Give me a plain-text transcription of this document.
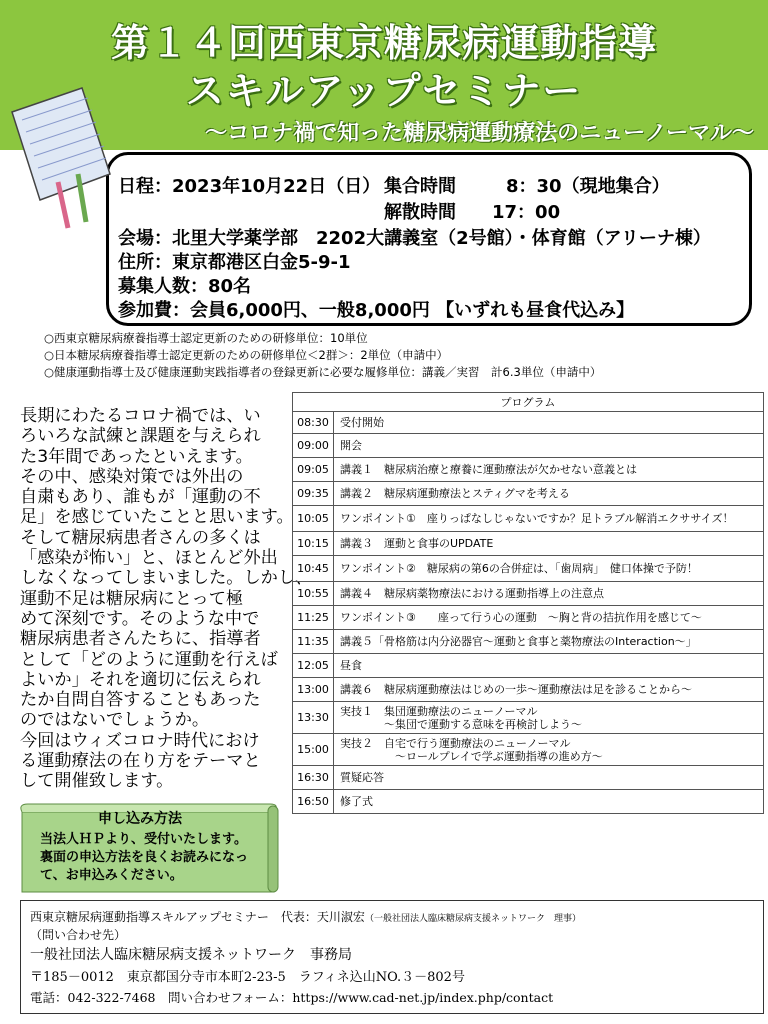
第１４回西東京糖尿病運動指導
スキルアップセミナー
～コロナ禍で知った糖尿病運動療法のニューノーマル～
日程：2023年10月22日（日） 集合時間	8：30（現地集合）
解散時間 17：00
会場：北里大学薬学部　2202大講義室（2号館）・体育館（アリーナ棟）
住所：東京都港区白金5-9-1
募集人数：80名
参加費：会員6,000円、一般8,000円 【いずれも昼食代込み】
○西東京糖尿病療養指導士認定更新のための研修単位：10単位
○日本糖尿病療養指導士認定更新のための研修単位＜2群＞：2単位（申請中）
○健康運動指導士及び健康運動実践指導者の登録更新に必要な履修単位：講義／実習　計6.3単位（申請中）
長期にわたるコロナ禍では、い
ろいろな試練と課題を与えられ
た3年間であったといえます。
その中、感染対策では外出の
自粛もあり、誰もが「運動の不
足」を感じていたことと思います。
そして糖尿病患者さんの多くは
「感染が怖い」と、ほとんど外出
しなくなってしまいました。しかし、
運動不足は糖尿病にとって極
めて深刻です。そのような中で
糖尿病患者さんたちに、指導者
として「どのように運動を行えば
よいか」それを適切に伝えられ
たか自問自答することもあった
のではないでしょうか。
今回はウィズコロナ時代におけ
る運動療法の在り方をテーマと
して開催致します。
プログラム	
08:30	受付開始

09:00	開会

09:05	講義１　糖尿病治療と療養に運動療法が欠かせない意義とは

09:35	講義２　糖尿病運動療法とスティグマを考える

10:05	ワンポイント①　座りっぱなしじゃないですか？足トラブル解消エクササイズ！

10:15	講義３　運動と食事のUPDATE

10:45	ワンポイント②　糖尿病の第6の合併症は、「歯周病」　健口体操で予防！

10:55	講義４　糖尿病薬物療法における運動指導上の注意点

11:25	ワンポイント③　　座って行う心の運動　～胸と背の拮抗作用を感じて～

11:35	講義５「骨格筋は内分泌器官～運動と食事と薬物療法のInteraction～」

12:05	昼食

13:00	講義６　糖尿病運動療法はじめの一歩～運動療法は足を診ることから～

13:30	実技１　集団運動療法のニューノーマル
　　　　～集団で運動する意味を再検討しよう～

15:00	実技２　自宅で行う運動療法のニューノーマル
　　　　　～ロールプレイで学ぶ運動指導の進め方～

16:30	質疑応答

16:50	修了式
申し込み方法
当法人ＨＰより、受付いたします。
裏面の申込方法を良くお読みになっ
て、お申込みください。
西東京糖尿病運動指導スキルアップセミナー　代表：天川淑宏（一般社団法人臨床糖尿病支援ネットワーク　理事）
（問い合わせ先）
一般社団法人臨床糖尿病支援ネットワーク　事務局
〒185－0012　東京都国分寺市本町2-23-5　ラフィネ込山NO.３－802号
電話：042-322-7468　問い合わせフォーム：https://www.cad-net.jp/index.php/contact
